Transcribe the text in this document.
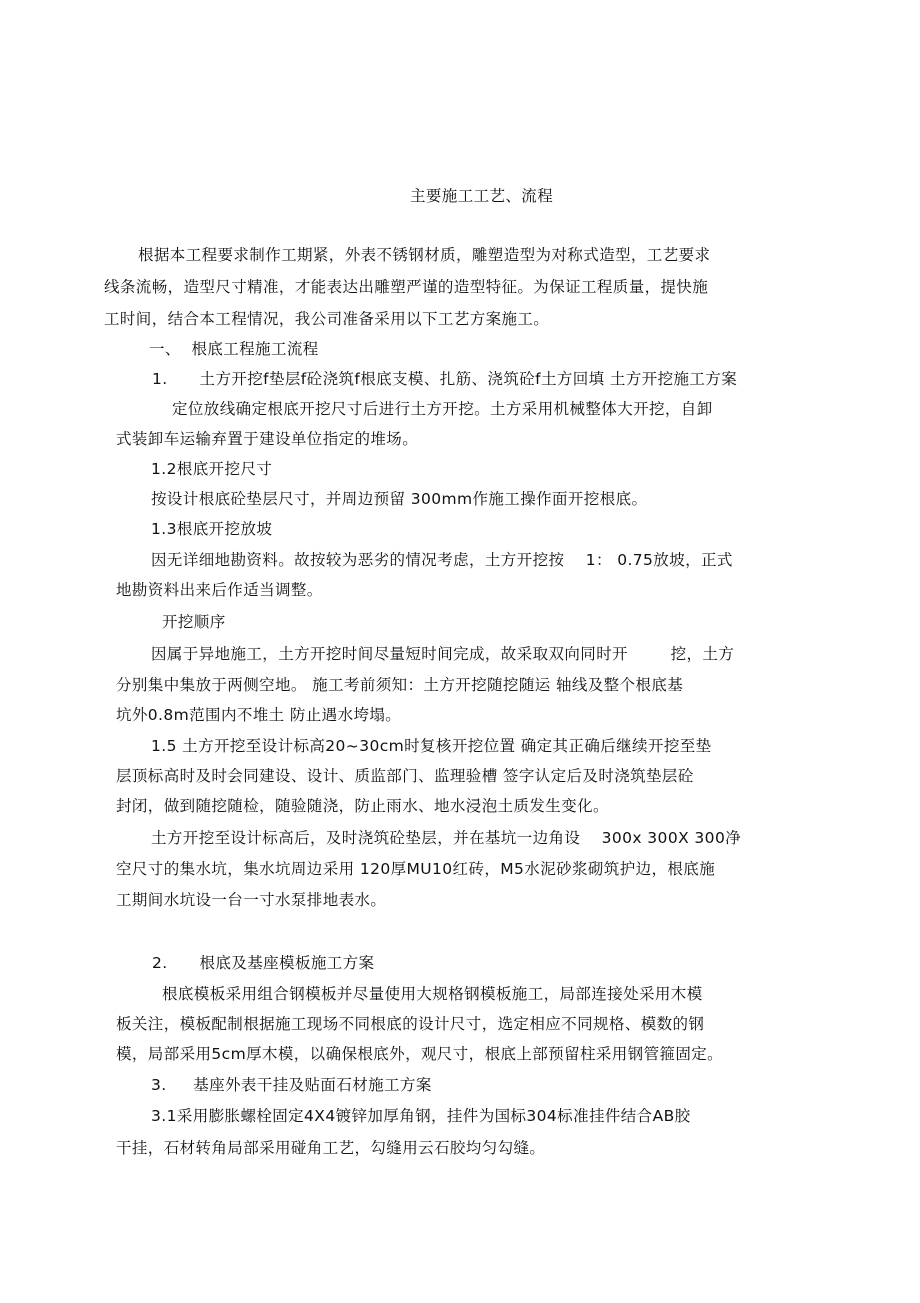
主要施工工艺、流程
根据本工程要求制作工期紧，外表不锈钢材质，雕塑造型为对称式造型，工艺要求
线条流畅，造型尺寸精准，才能表达出雕塑严谨的造型特征。为保证工程质量，提快施
工时间，结合本工程情况，我公司准备采用以下工艺方案施工。
一、  根底工程施工流程
1.      土方开挖f垫层f砼浇筑f根底支模、扎筋、浇筑砼f土方回填 土方开挖施工方案
定位放线确定根底开挖尺寸后进行土方开挖。土方采用机械整体大开挖，自卸
式装卸车运输弃置于建设单位指定的堆场。
1.2根底开挖尺寸
按设计根底砼垫层尺寸，并周边预留 300mm作施工操作面开挖根底。
1.3根底开挖放坡
因无详细地勘资料。故按较为恶劣的情况考虑，土方开挖按    1： 0.75放坡，正式
地勘资料出来后作适当调整。
开挖顺序
因属于异地施工，土方开挖时间尽量短时间完成，故采取双向同时开        挖，土方
分别集中集放于两侧空地。 施工考前须知：土方开挖随挖随运 轴线及整个根底基
坑外0.8m范围内不堆土 防止遇水垮塌。
1.5 土方开挖至设计标高20~30cm时复核开挖位置 确定其正确后继续开挖至垫
层顶标高时及时会同建设、设计、质监部门、监理验槽 签字认定后及时浇筑垫层砼
封闭，做到随挖随检，随验随浇，防止雨水、地水浸泡土质发生变化。
土方开挖至设计标高后，及时浇筑砼垫层，并在基坑一边角设    300x 300X 300净
空尺寸的集水坑，集水坑周边采用 120厚MU10红砖，M5水泥砂浆砌筑护边，根底施
工期间水坑设一台一寸水泵排地表水。
2.      根底及基座模板施工方案
根底模板采用组合钢模板并尽量使用大规格钢模板施工，局部连接处采用木模
板关注，模板配制根据施工现场不同根底的设计尺寸，选定相应不同规格、模数的钢
模，局部采用5cm厚木模，以确保根底外，观尺寸，根底上部预留柱采用钢管箍固定。
3.     基座外表干挂及贴面石材施工方案
3.1采用膨胀螺栓固定4X4镀锌加厚角钢，挂件为国标304标准挂件结合AB胶
干挂，石材转角局部采用碰角工艺，勾缝用云石胶均匀勾缝。
